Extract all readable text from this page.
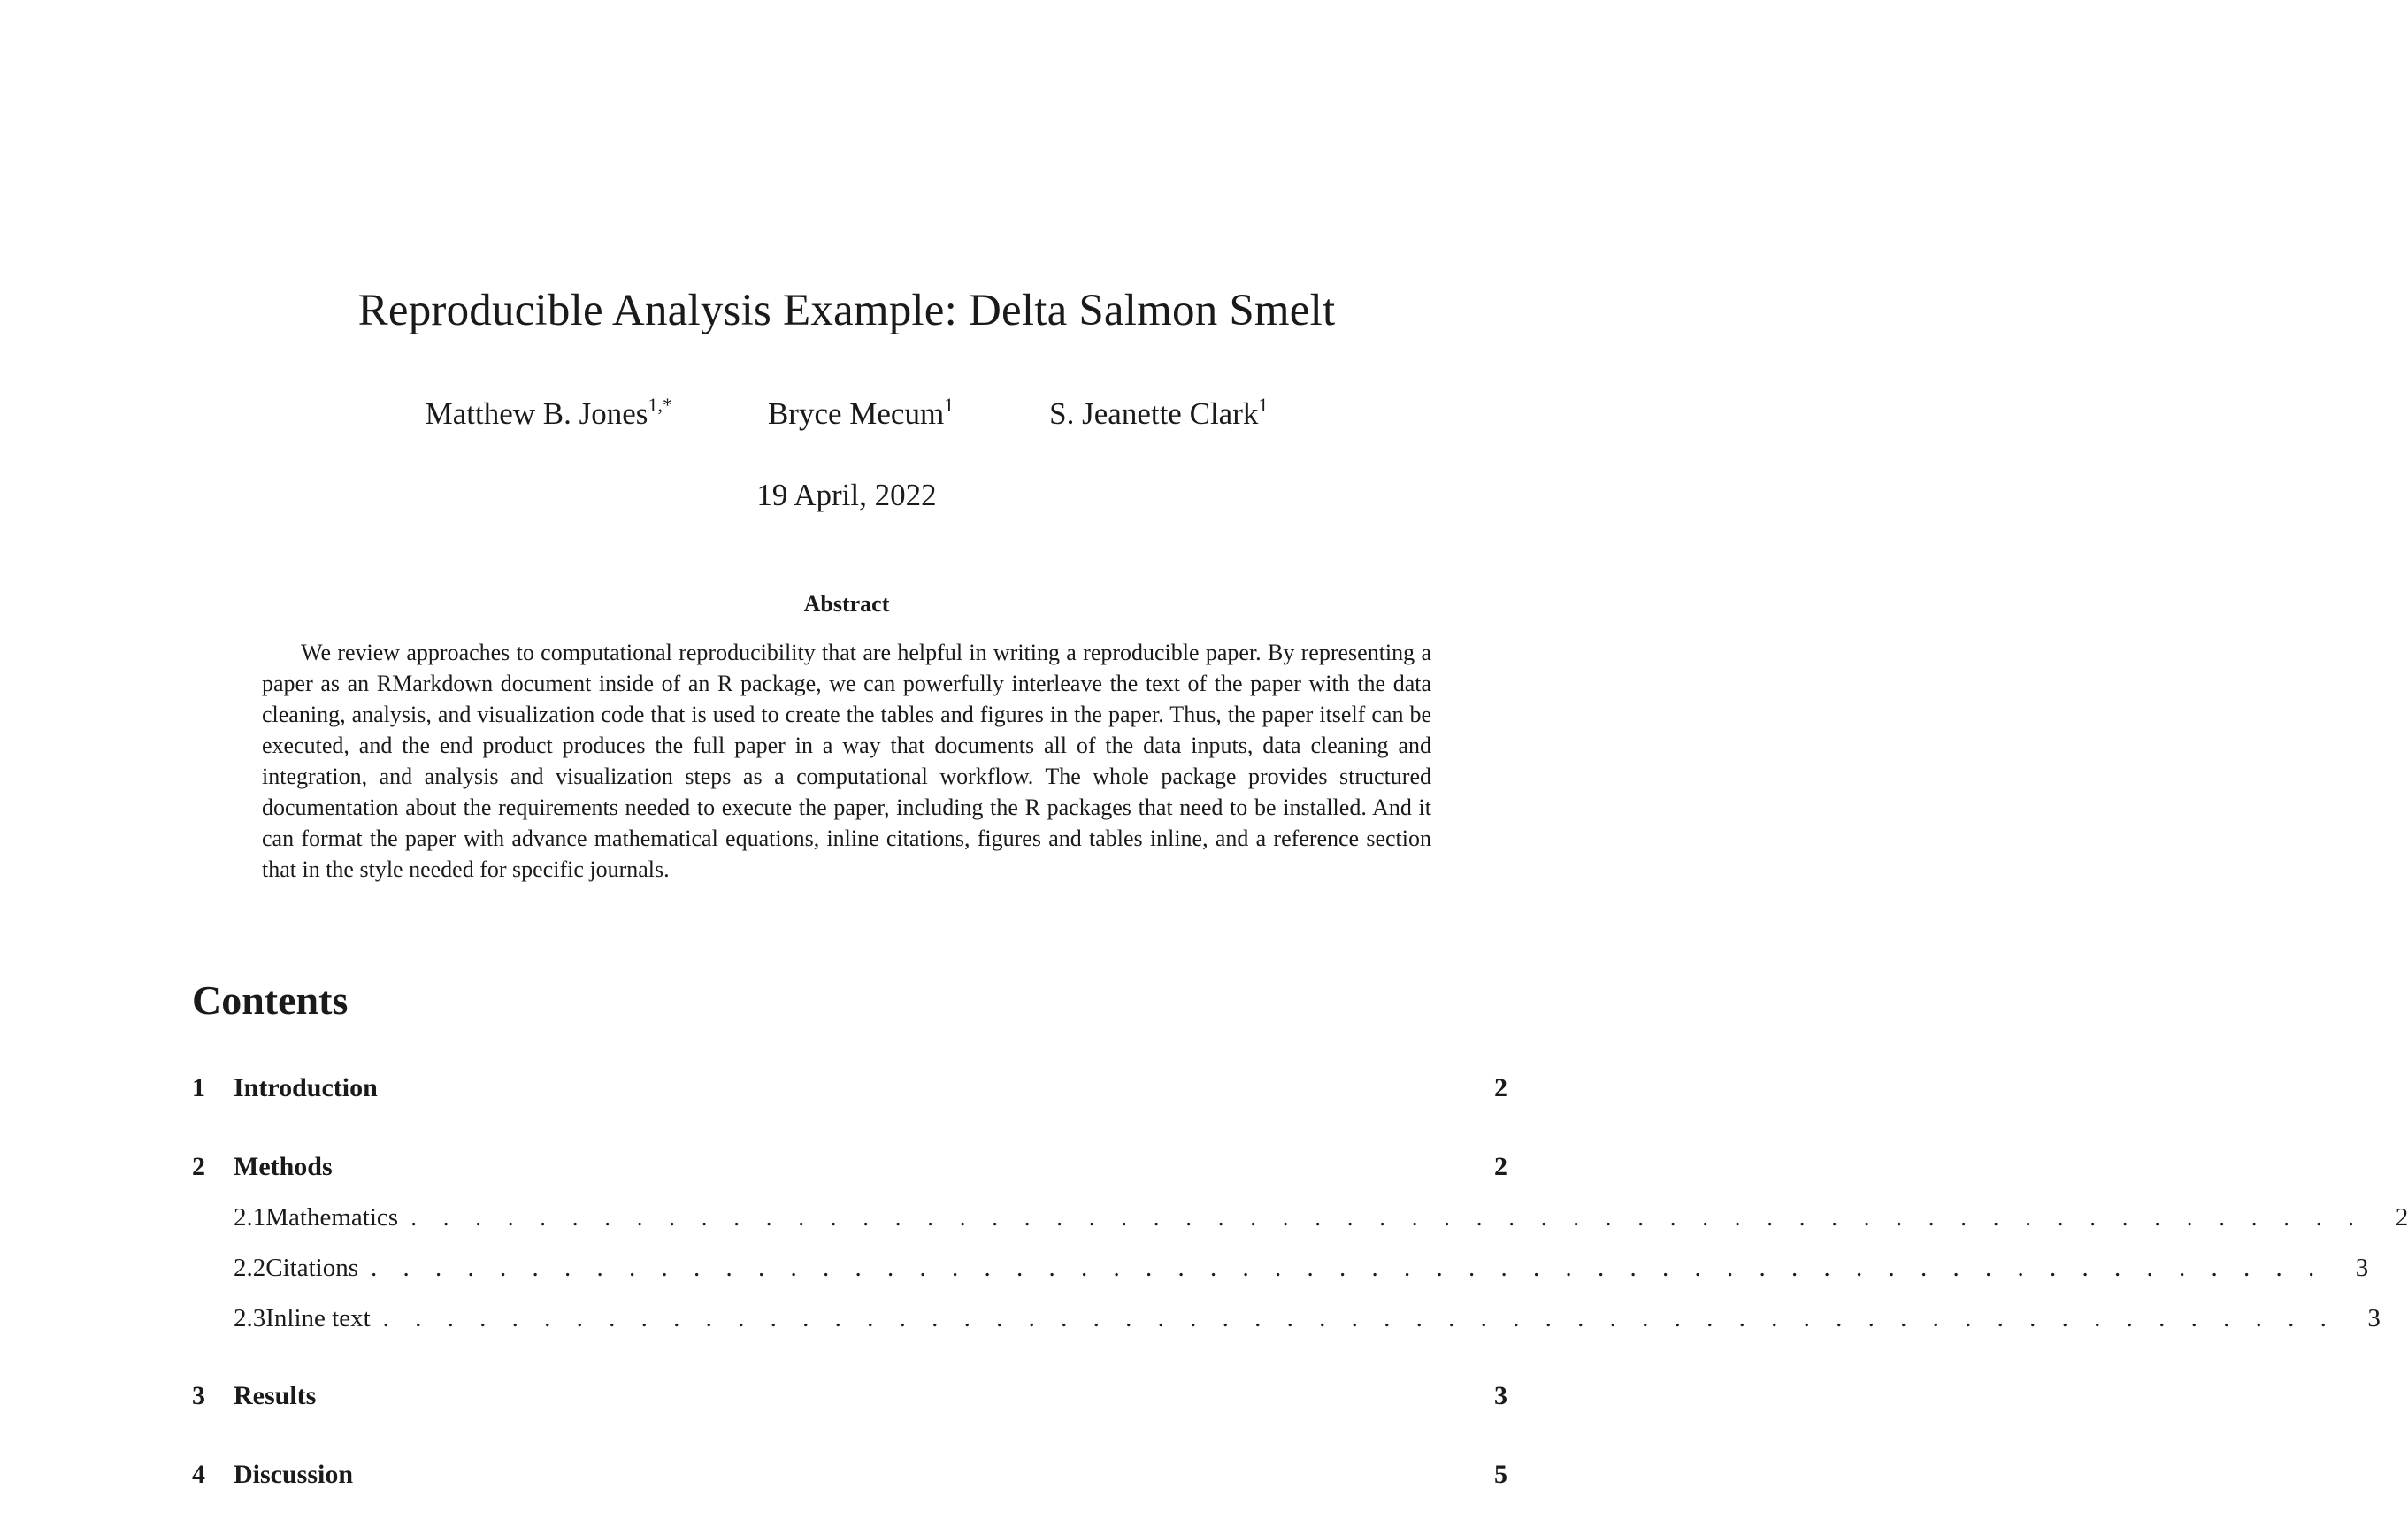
Reproducible Analysis Example: Delta Salmon Smelt
Matthew B. Jones$^{1,*}$	Bryce Mecum$^1$	S. Jeanette Clark$^1$
19 April, 2022
Abstract
We review approaches to computational reproducibility that are helpful in writing a reproducible paper. By representing a paper as an RMarkdown document inside of an R package, we can powerfully interleave the text of the paper with the data cleaning, analysis, and visualization code that is used to create the tables and figures in the paper. Thus, the paper itself can be executed, and the end product produces the full paper in a way that documents all of the data inputs, data cleaning and integration, and analysis and visualization steps as a computational workflow. The whole package provides structured documentation about the requirements needed to execute the paper, including the R packages that need to be installed. And it can format the paper with advance mathematical equations, inline citations, figures and tables inline, and a reference section that in the style needed for specific journals.
Contents
1	Introduction	2
2	Methods	2
2.1 Mathematics . . . . . . . . . . . . . . . . . . . . . . . . . . . . . . . . . . . . . . . . . . . . . . . . . . . . . . . . . . . . .	2
2.2 Citations . . . . . . . . . . . . . . . . . . . . . . . . . . . . . . . . . . . . . . . . . . . . . . . . . . . . . . . . . . . . .	3
2.3 Inline text . . . . . . . . . . . . . . . . . . . . . . . . . . . . . . . . . . . . . . . . . . . . . . . . . . . . . . . . . . . . .	3
3	Results	3
4	Discussion	5
